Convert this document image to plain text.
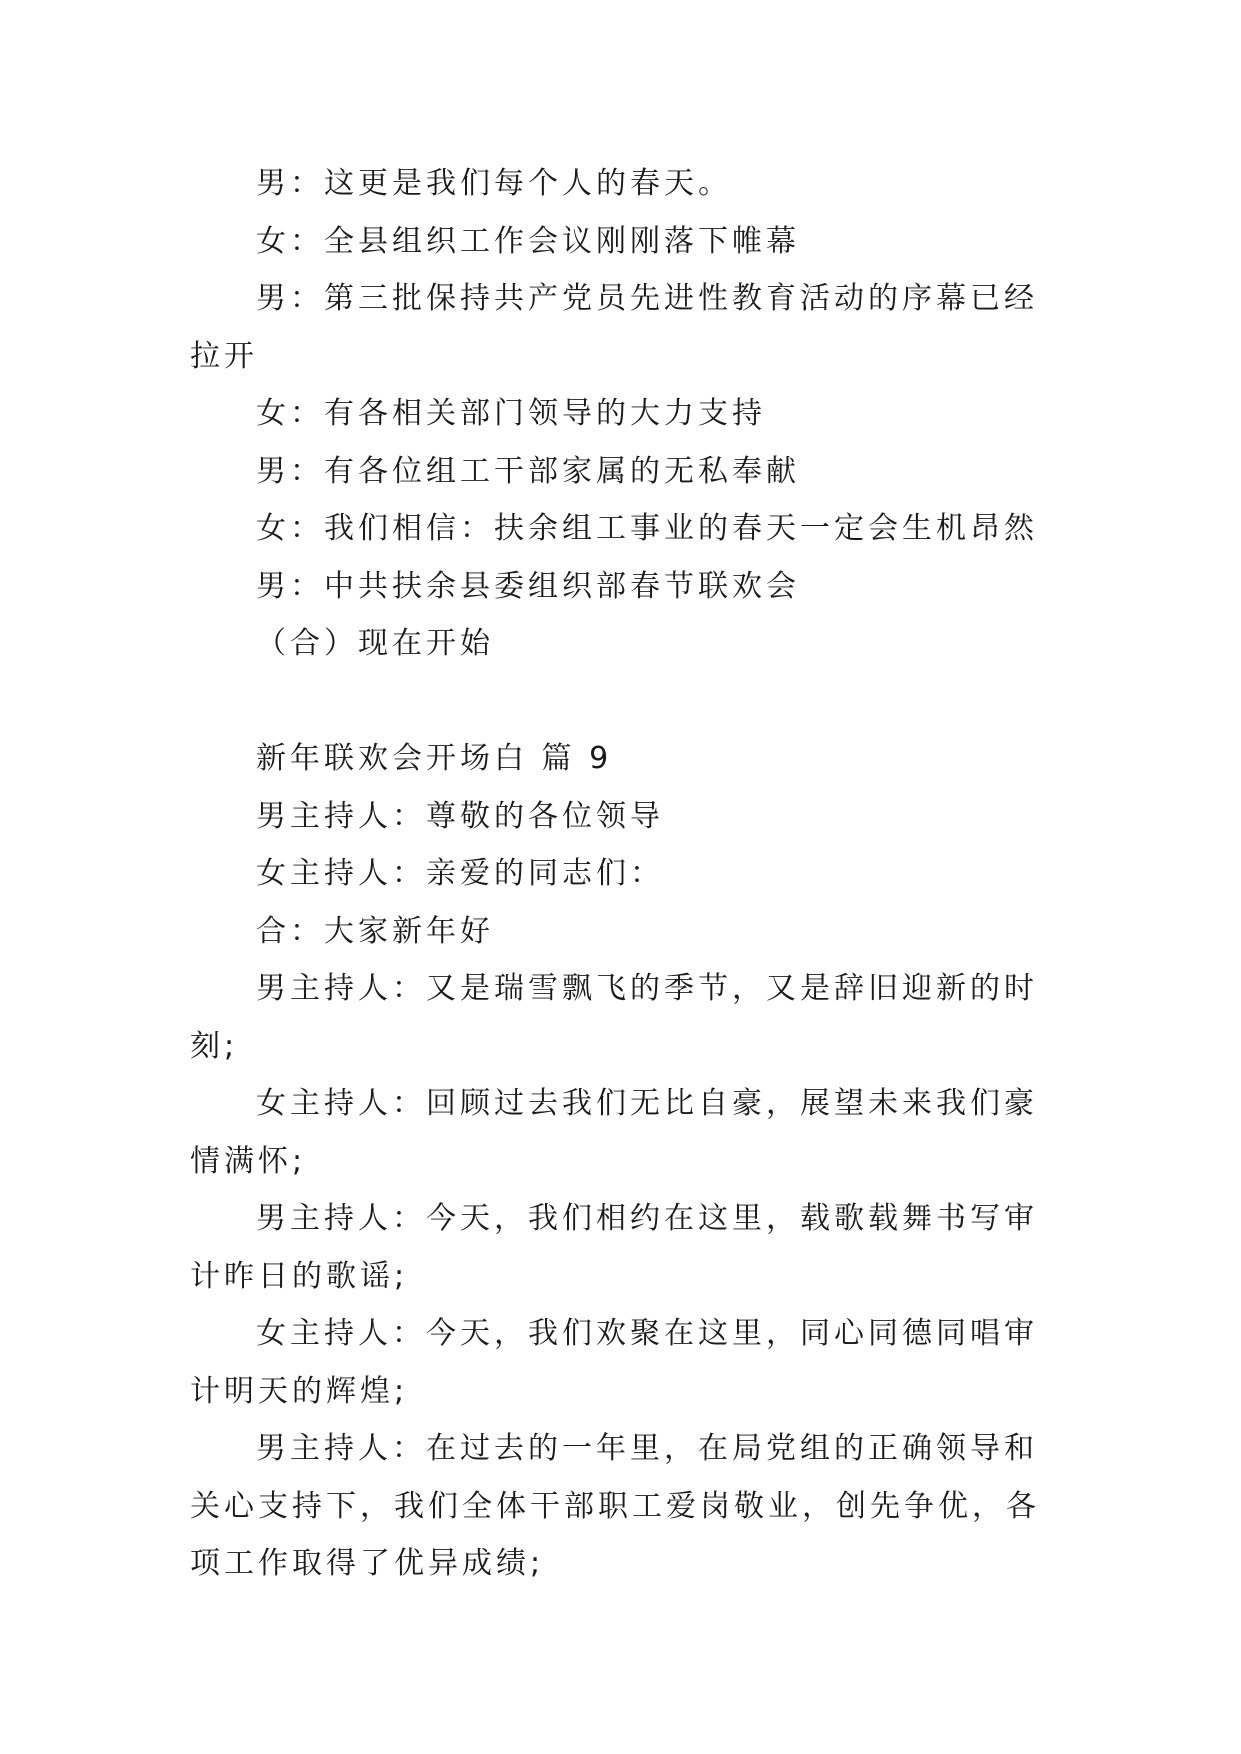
男：这更是我们每个人的春天。

女：全县组织工作会议刚刚落下帷幕

男：第三批保持共产党员先进性教育活动的序幕已经拉开

女：有各相关部门领导的大力支持

男：有各位组工干部家属的无私奉献

女：我们相信：扶余组工事业的春天一定会生机昂然

男：中共扶余县委组织部春节联欢会

（合）现在开始

新年联欢会开场白 篇 9

男主持人：尊敬的各位领导

女主持人：亲爱的同志们：

合：大家新年好

男主持人：又是瑞雪飘飞的季节，又是辞旧迎新的时刻;

女主持人：回顾过去我们无比自豪，展望未来我们豪情满怀;

男主持人：今天，我们相约在这里，载歌载舞书写审计昨日的歌谣;

女主持人：今天，我们欢聚在这里，同心同德同唱审计明天的辉煌;

男主持人：在过去的一年里，在局党组的正确领导和关心支持下，我们全体干部职工爱岗敬业，创先争优，各项工作取得了优异成绩;
